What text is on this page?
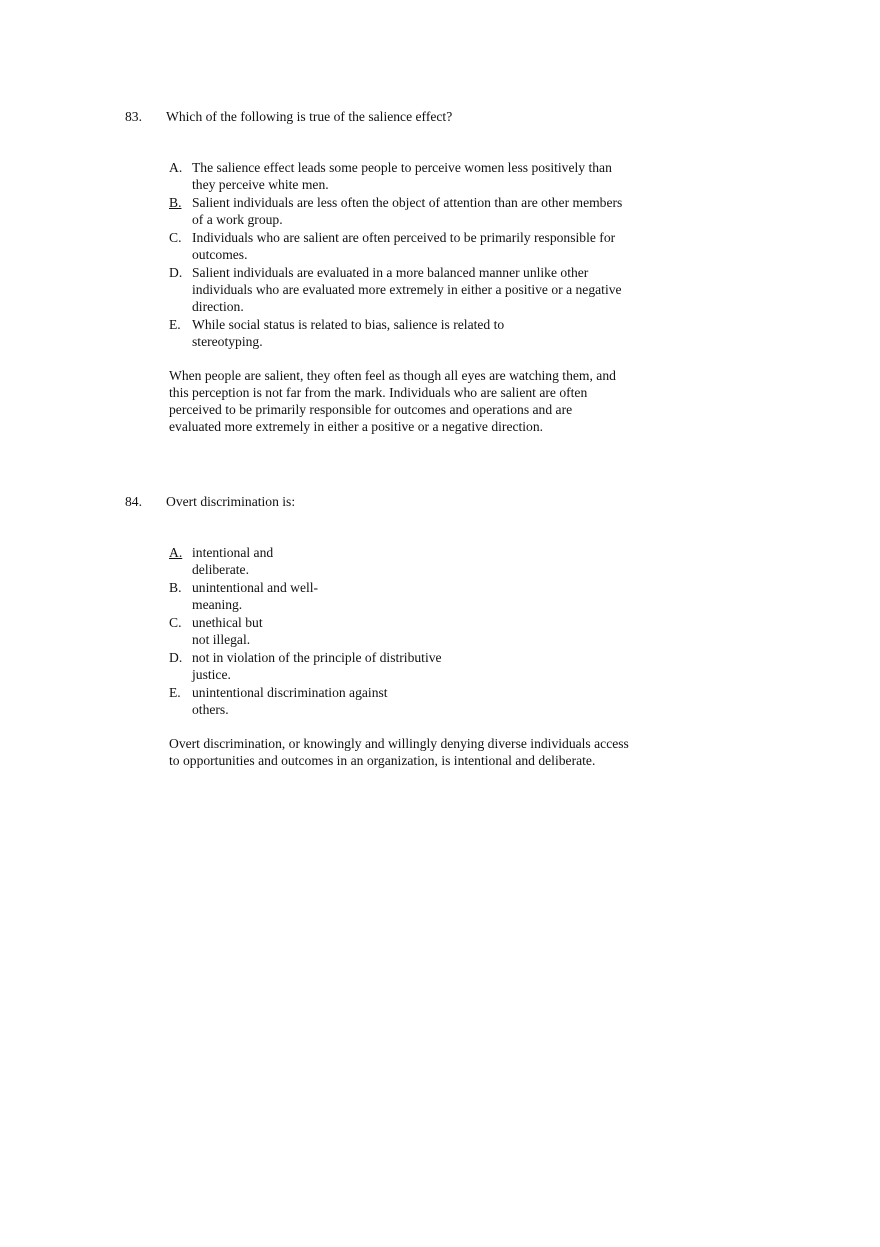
83. Which of the following is true of the salience effect?
A. The salience effect leads some people to perceive women less positively than
they perceive white men.
B. Salient individuals are less often the object of attention than are other members
of a work group.
C. Individuals who are salient are often perceived to be primarily responsible for
outcomes.
D. Salient individuals are evaluated in a more balanced manner unlike other
individuals who are evaluated more extremely in either a positive or a negative
direction.
E. While social status is related to bias, salience is related to
stereotyping.
When people are salient, they often feel as though all eyes are watching them, and
this perception is not far from the mark. Individuals who are salient are often
perceived to be primarily responsible for outcomes and operations and are
evaluated more extremely in either a positive or a negative direction.
84. Overt discrimination is:
A. intentional and
deliberate.
B. unintentional and well-
meaning.
C. unethical but
not illegal.
D. not in violation of the principle of distributive
justice.
E. unintentional discrimination against
others.
Overt discrimination, or knowingly and willingly denying diverse individuals access
to opportunities and outcomes in an organization, is intentional and deliberate.
